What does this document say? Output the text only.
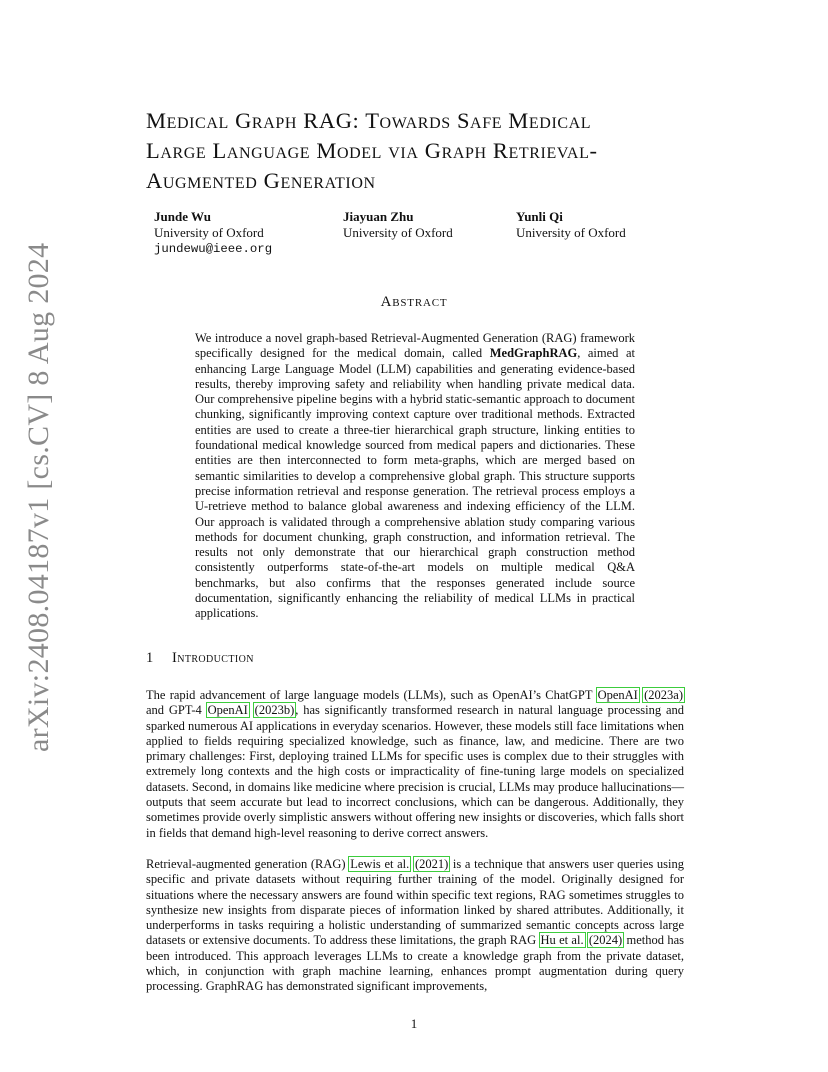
arXiv:2408.04187v1 [cs.CV] 8 Aug 2024
Medical Graph RAG: Towards Safe Medical
Large Language Model via Graph Retrieval-
Augmented Generation
Junde Wu
University of Oxford
jundewu@ieee.org
Jiayuan Zhu
University of Oxford
Yunli Qi
University of Oxford
Abstract
We introduce a novel graph-based Retrieval-Augmented Generation (RAG) framework specifically designed for the medical domain, called MedGraphRAG, aimed at enhancing Large Language Model (LLM) capabilities and generating evidence-based results, thereby improving safety and reliability when handling private medical data. Our comprehensive pipeline begins with a hybrid static-semantic approach to document chunking, significantly improving context capture over traditional methods. Extracted entities are used to create a three-tier hierarchical graph structure, linking entities to foundational medical knowledge sourced from medical papers and dictionaries. These entities are then interconnected to form meta-graphs, which are merged based on semantic similarities to develop a comprehensive global graph. This structure supports precise information retrieval and response generation. The retrieval process employs a U-retrieve method to balance global awareness and indexing efficiency of the LLM. Our approach is validated through a comprehensive ablation study comparing various methods for document chunking, graph construction, and information retrieval. The results not only demonstrate that our hierarchical graph construction method consistently outperforms state-of-the-art models on multiple medical Q&A benchmarks, but also confirms that the responses generated include source documentation, significantly enhancing the reliability of medical LLMs in practical applications.
1 Introduction
The rapid advancement of large language models (LLMs), such as OpenAI’s ChatGPT OpenAI (2023a) and GPT-4 OpenAI (2023b), has significantly transformed research in natural language processing and sparked numerous AI applications in everyday scenarios. However, these models still face limitations when applied to fields requiring specialized knowledge, such as finance, law, and medicine. There are two primary challenges: First, deploying trained LLMs for specific uses is complex due to their struggles with extremely long contexts and the high costs or impracticality of fine-tuning large models on specialized datasets. Second, in domains like medicine where precision is crucial, LLMs may produce hallucinations—outputs that seem accurate but lead to incorrect conclusions, which can be dangerous. Additionally, they sometimes provide overly simplistic answers without offering new insights or discoveries, which falls short in fields that demand high-level reasoning to derive correct answers.
Retrieval-augmented generation (RAG) Lewis et al. (2021) is a technique that answers user queries using specific and private datasets without requiring further training of the model. Originally designed for situations where the necessary answers are found within specific text regions, RAG sometimes struggles to synthesize new insights from disparate pieces of information linked by shared attributes. Additionally, it underperforms in tasks requiring a holistic understanding of summarized semantic concepts across large datasets or extensive documents. To address these limitations, the graph RAG Hu et al. (2024) method has been introduced. This approach leverages LLMs to create a knowledge graph from the private dataset, which, in conjunction with graph machine learning, enhances prompt augmentation during query processing. GraphRAG has demonstrated significant improvements,
1
